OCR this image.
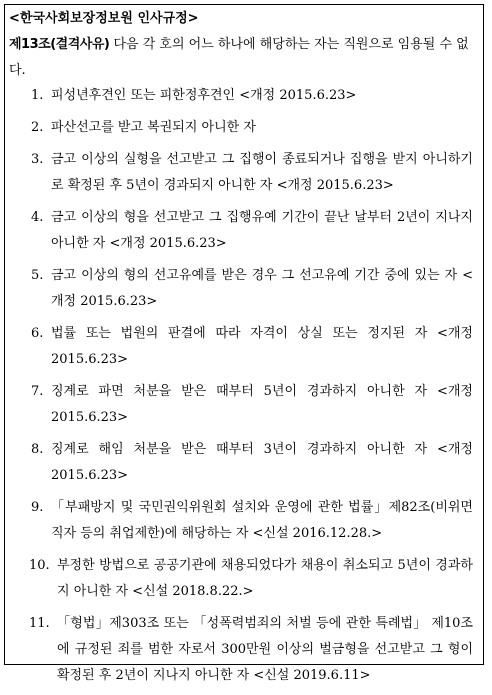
<한국사회보장정보원 인사규정>
제13조(결격사유) 다음 각 호의 어느 하나에 해당하는 자는 직원으로 임용될 수 없다.
1. 피성년후견인 또는 피한정후견인 <개정 2015.6.23>
2. 파산선고를 받고 복권되지 아니한 자
3. 금고 이상의 실형을 선고받고 그 집행이 종료되거나 집행을 받지 아니하기로 확정된 후 5년이 경과되지 아니한 자 <개정 2015.6.23>
4. 금고 이상의 형을 선고받고 그 집행유예 기간이 끝난 날부터 2년이 지나지 아니한 자 <개정 2015.6.23>
5. 금고 이상의 형의 선고유예를 받은 경우 그 선고유예 기간 중에 있는 자 <개정 2015.6.23>
6. 법률 또는 법원의 판결에 따라 자격이 상실 또는 정지된 자 <개정 2015.6.23>
7. 징계로 파면 처분을 받은 때부터 5년이 경과하지 아니한 자 <개정 2015.6.23>
8. 징계로 해임 처분을 받은 때부터 3년이 경과하지 아니한 자 <개정 2015.6.23>
9. 「부패방지 및 국민권익위원회 설치와 운영에 관한 법률」제82조(비위면직자 등의 취업제한)에 해당하는 자 <신설 2016.12.28.>
10. 부정한 방법으로 공공기관에 채용되었다가 채용이 취소되고 5년이 경과하지 아니한 자 <신설 2018.8.22.>
11. 「형법」제303조 또는 「성폭력범죄의 처벌 등에 관한 특례법」 제10조에 규정된 죄를 범한 자로서 300만원 이상의 벌금형을 선고받고 그 형이 확정된 후 2년이 지나지 아니한 자 <신설 2019.6.11>
